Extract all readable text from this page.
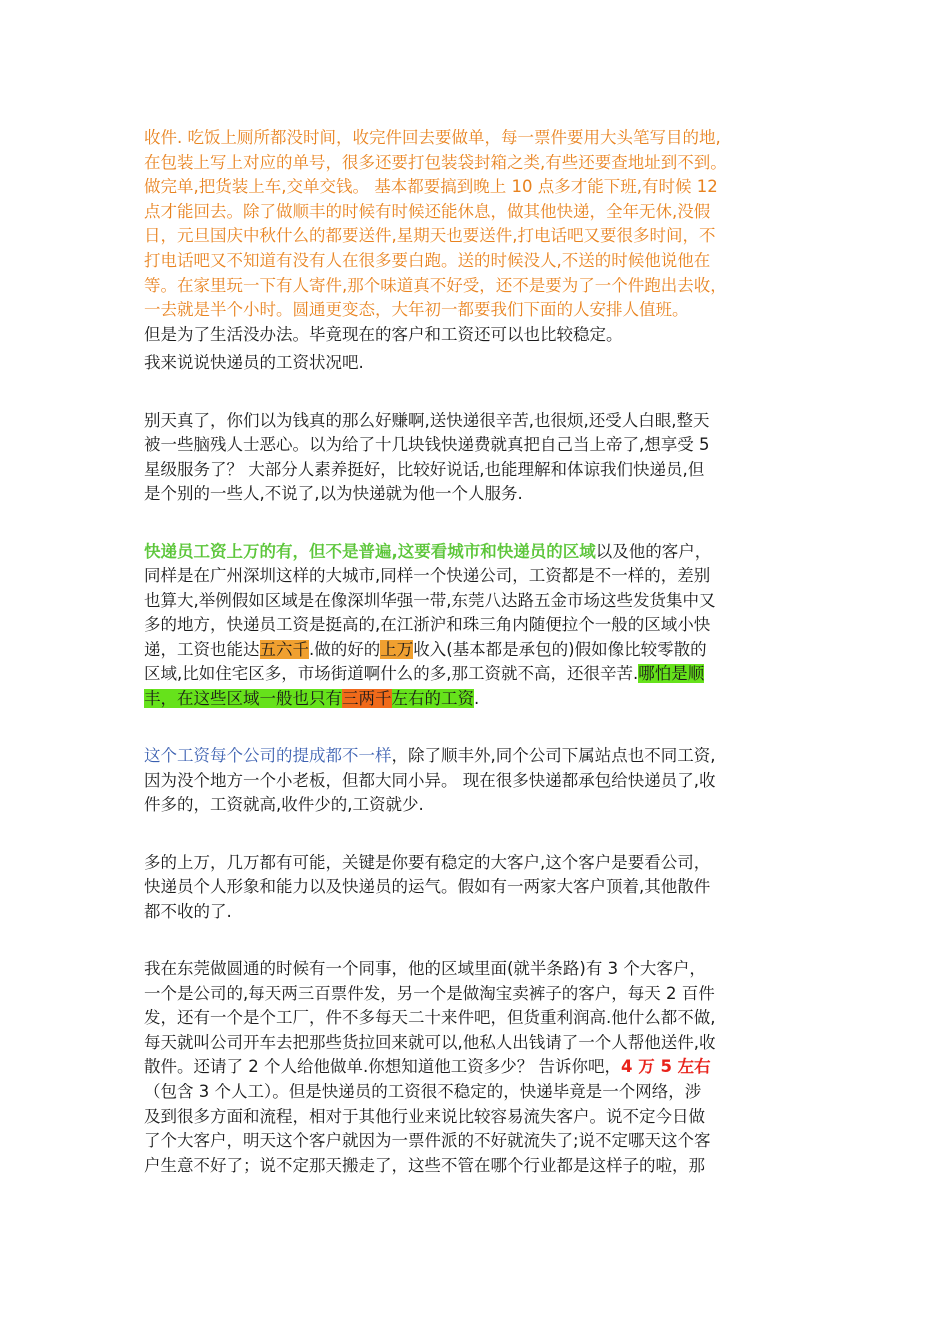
收件. 吃饭上厕所都没时间，收完件回去要做单，每一票件要用大头笔写目的地,

在包装上写上对应的单号，很多还要打包装袋封箱之类,有些还要查地址到不到。

做完单,把货装上车,交单交钱。 基本都要搞到晚上 10 点多才能下班,有时候 12

点才能回去。除了做顺丰的时候有时候还能休息，做其他快递，全年无休,没假

日，元旦国庆中秋什么的都要送件,星期天也要送件,打电话吧又要很多时间，不

打电话吧又不知道有没有人在很多要白跑。送的时候没人,不送的时候他说他在

等。在家里玩一下有人寄件,那个味道真不好受，还不是要为了一个件跑出去收，

一去就是半个小时。圆通更变态，大年初一都要我们下面的人安排人值班。

但是为了生活没办法。毕竟现在的客户和工资还可以也比较稳定。

我来说说快递员的工资状况吧.

别天真了，你们以为钱真的那么好赚啊,送快递很辛苦,也很烦,还受人白眼,整天

被一些脑残人士恶心。以为给了十几块钱快递费就真把自己当上帝了,想享受 5

星级服务了？ 大部分人素养挺好，比较好说话,也能理解和体谅我们快递员,但

是个别的一些人,不说了,以为快递就为他一个人服务.

快递员工资上万的有，但不是普遍,这要看城市和快递员的区域以及他的客户，

同样是在广州深圳这样的大城市,同样一个快递公司，工资都是不一样的，差别

也算大,举例假如区域是在像深圳华强一带,东莞八达路五金市场这些发货集中又

多的地方，快递员工资是挺高的,在江浙沪和珠三角内随便拉个一般的区域小快

递，工资也能达五六千.做的好的上万收入(基本都是承包的)假如像比较零散的

区域,比如住宅区多，市场街道啊什么的多,那工资就不高，还很辛苦.哪怕是顺

丰，在这些区域一般也只有三两千左右的工资.

这个工资每个公司的提成都不一样，除了顺丰外,同个公司下属站点也不同工资,

因为没个地方一个小老板，但都大同小异。 现在很多快递都承包给快递员了,收

件多的，工资就高,收件少的,工资就少.

多的上万，几万都有可能，关键是你要有稳定的大客户,这个客户是要看公司，

快递员个人形象和能力以及快递员的运气。假如有一两家大客户顶着,其他散件

都不收的了.

我在东莞做圆通的时候有一个同事，他的区域里面(就半条路)有 3 个大客户，

一个是公司的,每天两三百票件发，另一个是做淘宝卖裤子的客户，每天 2 百件

发，还有一个是个工厂，件不多每天二十来件吧，但货重利润高.他什么都不做,

每天就叫公司开车去把那些货拉回来就可以,他私人出钱请了一个人帮他送件,收

散件。还请了 2 个人给他做单.你想知道他工资多少？ 告诉你吧，4 万 5 左右

（包含 3 个人工）。但是快递员的工资很不稳定的，快递毕竟是一个网络，涉

及到很多方面和流程，相对于其他行业来说比较容易流失客户。说不定今日做

了个大客户，明天这个客户就因为一票件派的不好就流失了;说不定哪天这个客

户生意不好了；说不定那天搬走了，这些不管在哪个行业都是这样子的啦，那
